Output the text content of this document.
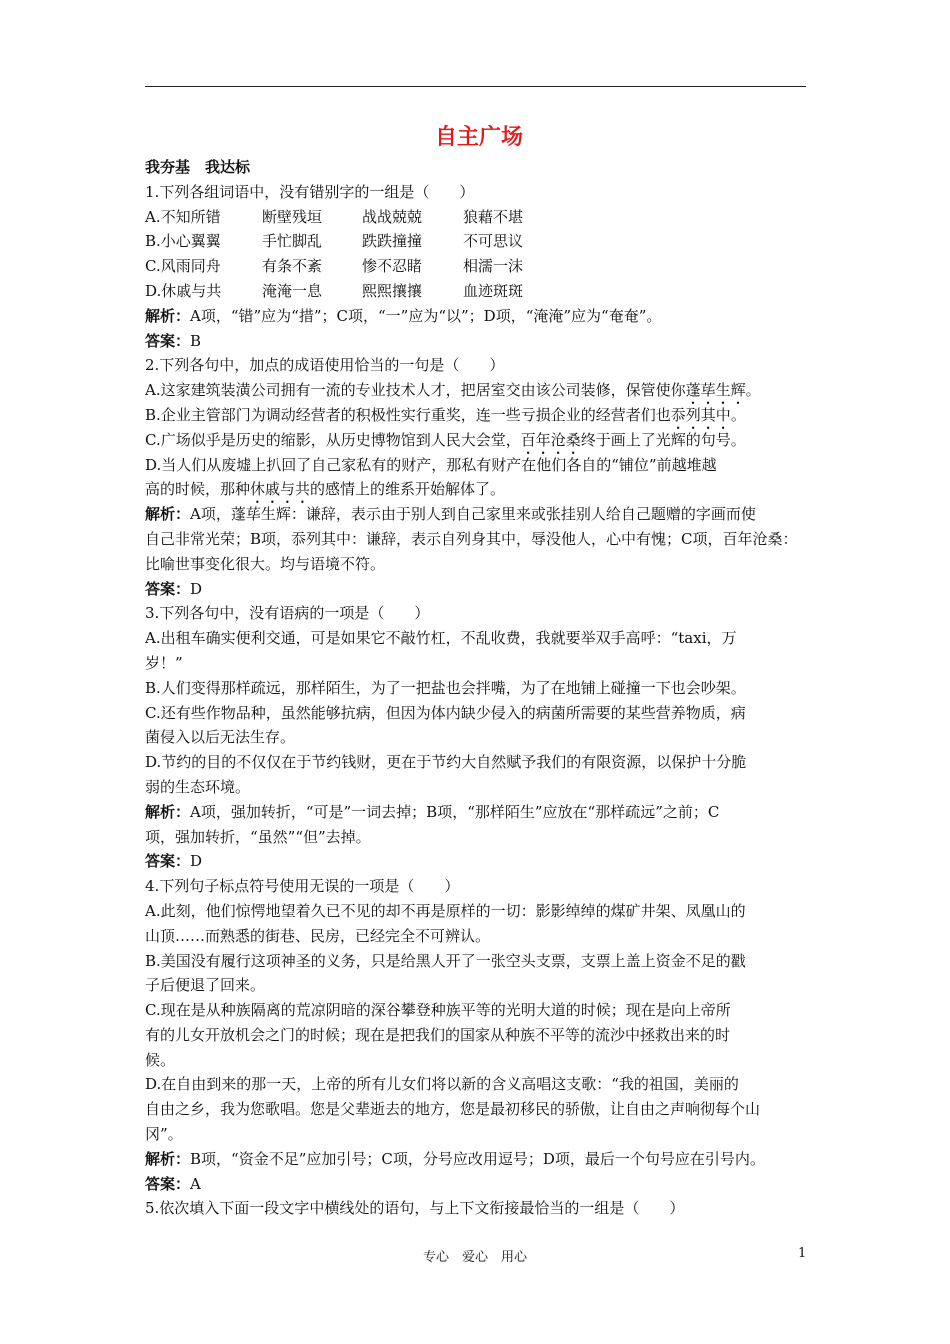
自主广场
我夯基　我达标
1.下列各组词语中，没有错别字的一组是（　　）
A.不知所错	断壁残垣	战战兢兢	狼藉不堪
B.小心翼翼	手忙脚乱	跌跌撞撞	不可思议
C.风雨同舟	有条不紊	惨不忍睹	相濡一沫
D.休戚与共	淹淹一息	熙熙攘攘	血迹斑斑
解析：A项，“错”应为“措”；C项，“一”应为“以”；D项，“淹淹”应为“奄奄”。
答案：B
2.下列各句中，加点的成语使用恰当的一句是（　　）
A.这家建筑装潢公司拥有一流的专业技术人才，把居室交由该公司装修，保管使你蓬荜生辉。
B.企业主管部门为调动经营者的积极性实行重奖，连一些亏损企业的经营者们也忝列其中。
C.广场似乎是历史的缩影，从历史博物馆到人民大会堂，百年沧桑终于画上了光辉的句号。
D.当人们从废墟上扒回了自己家私有的财产，那私有财产在他们各自的“铺位”前越堆越
高的时候，那种休戚与共的感情上的维系开始解体了。
解析：A项，蓬荜生辉：谦辞，表示由于别人到自己家里来或张挂别人给自己题赠的字画而使
自己非常光荣；B项，忝列其中：谦辞，表示自列身其中，辱没他人，心中有愧；C项，百年沧桑：
比喻世事变化很大。均与语境不符。
答案：D
3.下列各句中，没有语病的一项是（　　）
A.出租车确实便利交通，可是如果它不敲竹杠，不乱收费，我就要举双手高呼：“taxi，万
岁！”
B.人们变得那样疏远，那样陌生，为了一把盐也会拌嘴，为了在地铺上碰撞一下也会吵架。
C.还有些作物品种，虽然能够抗病，但因为体内缺少侵入的病菌所需要的某些营养物质，病
菌侵入以后无法生存。
D.节约的目的不仅仅在于节约钱财，更在于节约大自然赋予我们的有限资源，以保护十分脆
弱的生态环境。
解析：A项，强加转折，“可是”一词去掉；B项，“那样陌生”应放在“那样疏远”之前；C
项，强加转折，“虽然”“但”去掉。
答案：D
4.下列句子标点符号使用无误的一项是（　　）
A.此刻，他们惊愕地望着久已不见的却不再是原样的一切：影影绰绰的煤矿井架、凤凰山的
山顶……而熟悉的街巷、民房，已经完全不可辨认。
B.美国没有履行这项神圣的义务，只是给黑人开了一张空头支票，支票上盖上资金不足的戳
子后便退了回来。
C.现在是从种族隔离的荒凉阴暗的深谷攀登种族平等的光明大道的时候；现在是向上帝所
有的儿女开放机会之门的时候；现在是把我们的国家从种族不平等的流沙中拯救出来的时
候。
D.在自由到来的那一天，上帝的所有儿女们将以新的含义高唱这支歌：“我的祖国，美丽的
自由之乡，我为您歌唱。您是父辈逝去的地方，您是最初移民的骄傲，让自由之声响彻每个山
冈”。
解析：B项，“资金不足”应加引号；C项，分号应改用逗号；D项，最后一个句号应在引号内。
答案：A
5.依次填入下面一段文字中横线处的语句，与上下文衔接最恰当的一组是（　　）
专心　爱心　用心	1
